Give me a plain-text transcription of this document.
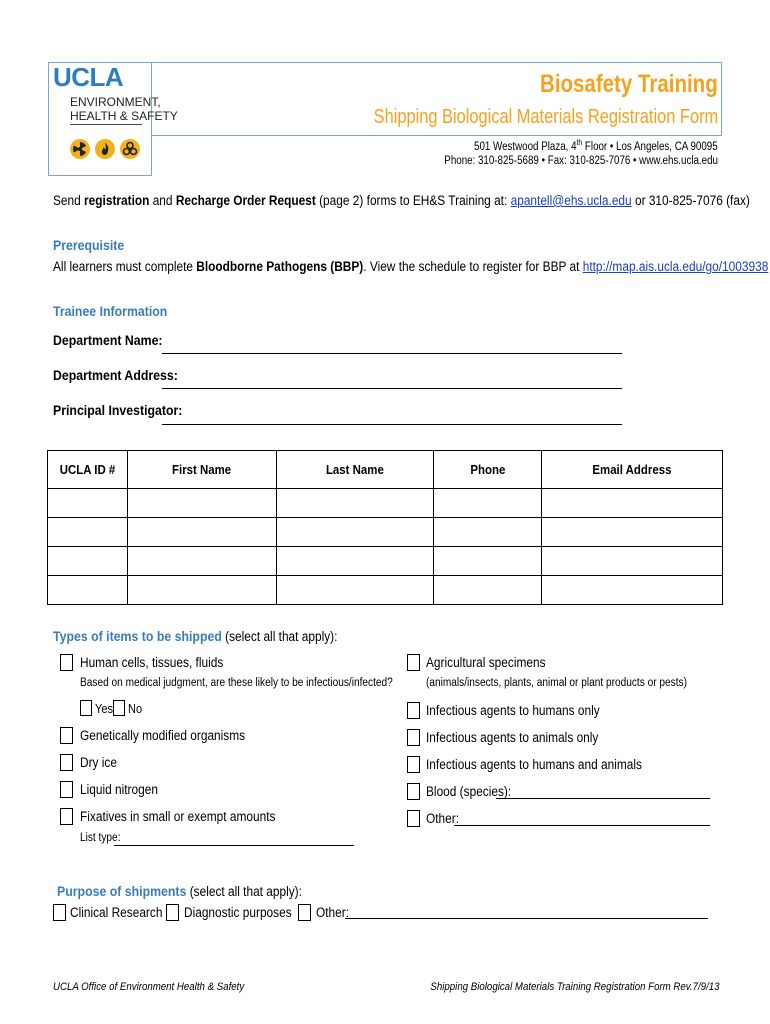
UCLA
ENVIRONMENT,
HEALTH & SAFETY
Biosafety Training
Shipping Biological Materials Registration Form
501 Westwood Plaza, 4th Floor • Los Angeles, CA 90095
Phone: 310-825-5689 • Fax: 310-825-7076 • www.ehs.ucla.edu
Send registration and Recharge Order Request (page 2) forms to EH&S Training at: apantell@ehs.ucla.edu or 310-825-7076 (fax)
Prerequisite
All learners must complete Bloodborne Pathogens (BBP). View the schedule to register for BBP at http://map.ais.ucla.edu/go/1003938
Trainee Information
Department Name:
Department Address:
Principal Investigator:
UCLA ID #	First Name	Last Name	Phone	Email Address

Types of items to be shipped (select all that apply):
Human cells, tissues, fluids
Based on medical judgment, are these likely to be infectious/infected?
Yes No
Genetically modified organisms
Dry ice
Liquid nitrogen
Fixatives in small or exempt amounts
List type:
Agricultural specimens
(animals/insects, plants, animal or plant products or pests)
Infectious agents to humans only
Infectious agents to animals only
Infectious agents to humans and animals
Blood (species):
Other:
Purpose of shipments (select all that apply):
Clinical Research Diagnostic purposes Other:
UCLA Office of Environment Health & Safety	Shipping Biological Materials Training Registration Form Rev.7/9/13
